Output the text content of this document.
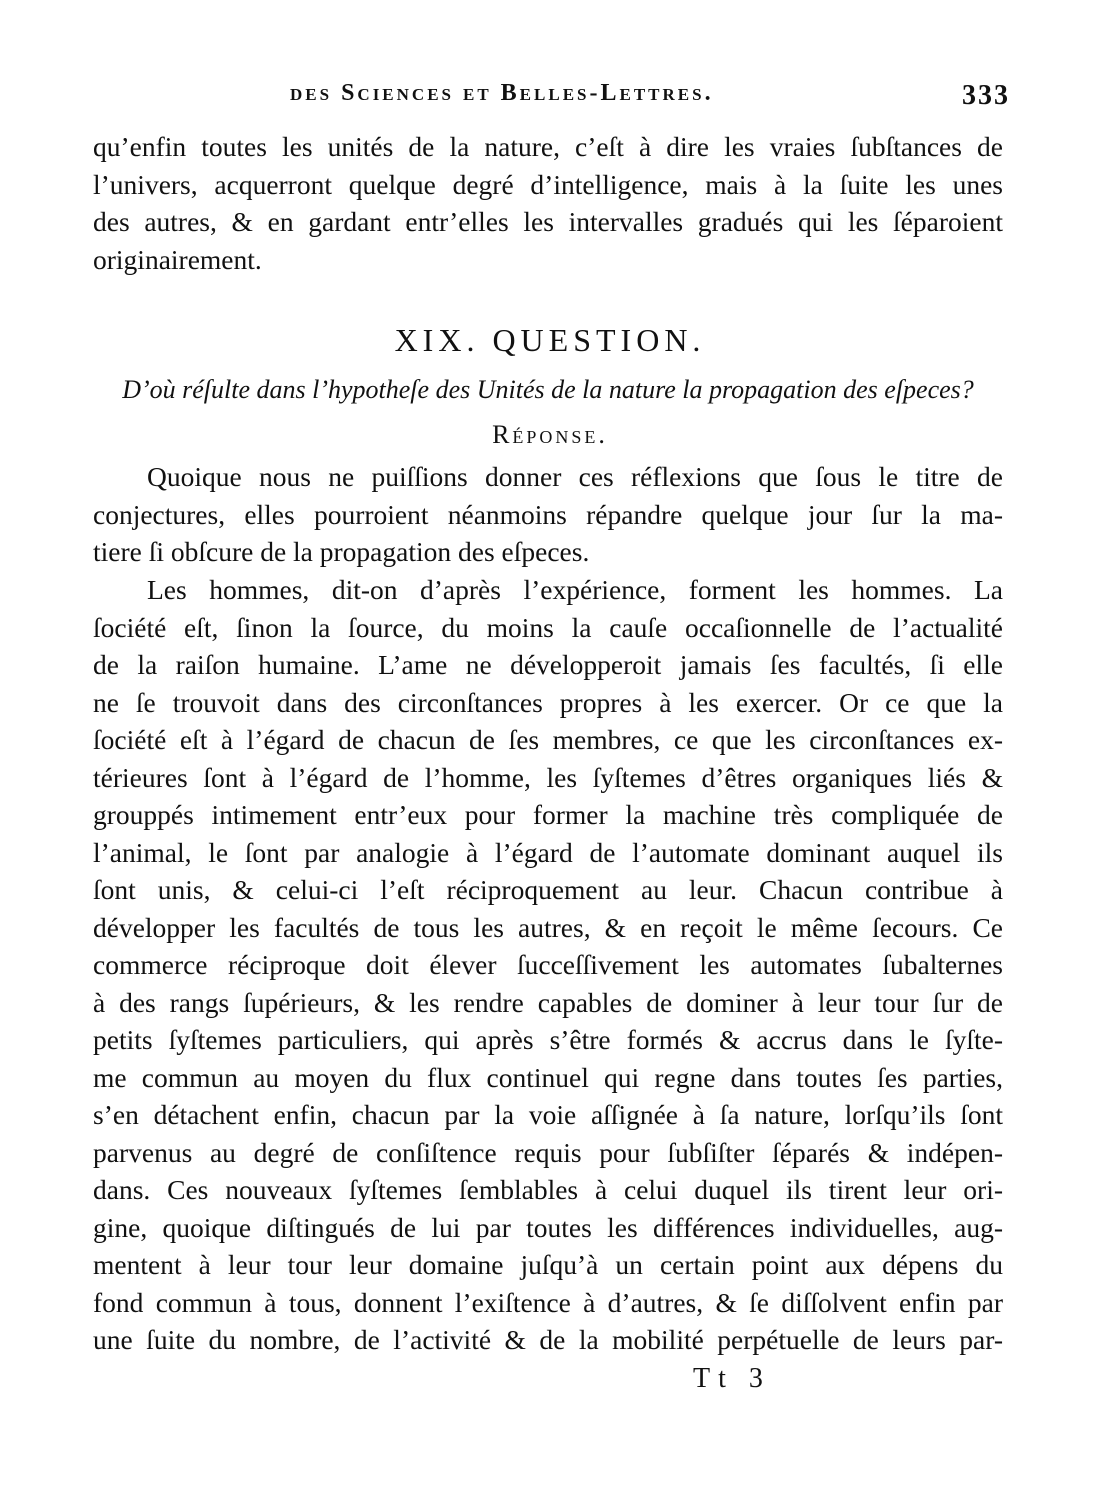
des Sciences et Belles-Lettres.	333
qu’enfin toutes les unités de la nature, c’eſt à dire les vraies ſubſtances de
l’univers, acquerront quelque degré d’intelligence, mais à la ſuite les unes
des autres, & en gardant entr’elles les intervalles gradués qui les ſéparoient
originairement.
XIX. QUESTION.
D’où réſulte dans l’hypotheſe des Unités de la nature la propagation des eſpeces?
Réponse.
Quoique nous ne puiſſions donner ces réflexions que ſous le titre de
conjectures, elles pourroient néanmoins répandre quelque jour ſur la ma-
tiere ſi obſcure de la propagation des eſpeces.
Les hommes, dit-on d’après l’expérience, forment les hommes. La
ſociété eſt, ſinon la ſource, du moins la cauſe occaſionnelle de l’actualité
de la raiſon humaine. L’ame ne développeroit jamais ſes facultés, ſi elle
ne ſe trouvoit dans des circonſtances propres à les exercer. Or ce que la
ſociété eſt à l’égard de chacun de ſes membres, ce que les circonſtances ex-
térieures ſont à l’égard de l’homme, les ſyſtemes d’êtres organiques liés &
grouppés intimement entr’eux pour former la machine très compliquée de
l’animal, le ſont par analogie à l’égard de l’automate dominant auquel ils
ſont unis, & celui-ci l’eſt réciproquement au leur. Chacun contribue à
développer les facultés de tous les autres, & en reçoit le même ſecours. Ce
commerce réciproque doit élever ſucceſſivement les automates ſubalternes
à des rangs ſupérieurs, & les rendre capables de dominer à leur tour ſur de
petits ſyſtemes particuliers, qui après s’être formés & accrus dans le ſyſte-
me commun au moyen du flux continuel qui regne dans toutes ſes parties,
s’en détachent enfin, chacun par la voie aſſignée à ſa nature, lorſqu’ils ſont
parvenus au degré de conſiſtence requis pour ſubſiſter ſéparés & indépen-
dans. Ces nouveaux ſyſtemes ſemblables à celui duquel ils tirent leur ori-
gine, quoique diſtingués de lui par toutes les différences individuelles, aug-
mentent à leur tour leur domaine juſqu’à un certain point aux dépens du
fond commun à tous, donnent l’exiſtence à d’autres, & ſe diſſolvent enfin par
une ſuite du nombre, de l’activité & de la mobilité perpétuelle de leurs par-
Tt 3
